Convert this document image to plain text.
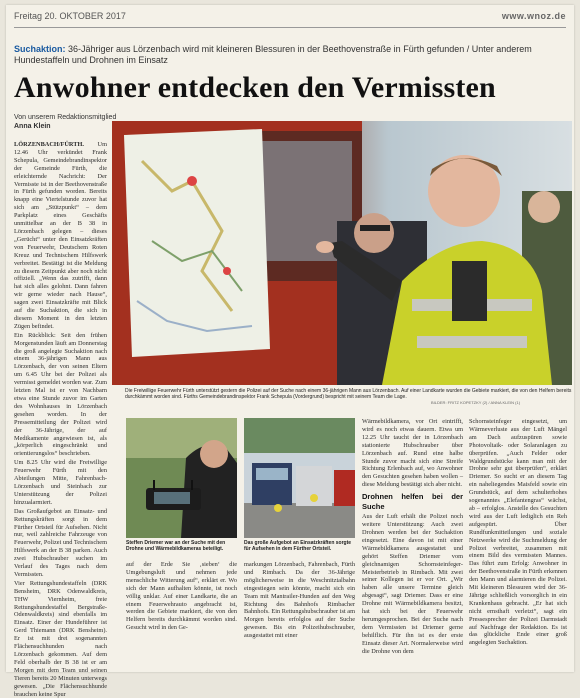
Freitag 20. OKTOBER 2017	www.wnoz.de
Suchaktion: 36-Jähriger aus Lörzenbach wird mit kleineren Blessuren in der Beethovenstraße in Fürth gefunden / Unter anderem Hundestaffeln und Drohnen im Einsatz
Anwohner entdecken den Vermissten
Von unserem Redaktionsmitglied
Anna Klein

LÖRZENBACH/FÜRTH. Um 12.46 Uhr verkündet Frank Schepula, Gemeindebrandinspektor der Gemeinde Fürth, die erleichternde Nachricht: Der Vermisste ist in der Beethovenstraße in Fürth gefunden worden. Bereits knapp eine Viertelstunde zuvor hat sich am „Stützpunkt“ – dem Parkplatz eines Geschäfts unmittelbar an der B 38 in Lörzenbach gelegen – dieses „Gerücht“ unter den Einsatzkräften von Feuerwehr, Deutschem Roten Kreuz und Technischem Hilfswerk verbreitet. Bestätigt ist die Meldung zu diesem Zeitpunkt aber noch nicht offiziell. „Wenn das zutrifft, dann hat sich alles gelohnt. Dann fahren wir gerne wieder nach Hause“, sagen zwei Einsatzkräfte mit Blick auf die Suchaktion, die sich in diesem Moment in den letzten Zügen befindet.

Ein Rückblick: Seit den frühen Morgenstunden läuft am Donnerstag die groß angelegte Suchaktion nach einem 36-jährigen Mann aus Lörzenbach, der von seinen Eltern um 6.45 Uhr bei der Polizei als vermisst gemeldet worden war. Zum letzten Mal ist er von Nachbarn etwa eine Stunde zuvor im Garten des Wohnhauses in Lörzenbach gesehen worden. In der Pressemitteilung der Polizei wird der 36-Jährige, der auf Medikamente angewiesen ist, als „körperlich eingeschränkt und orientierungslos“ beschrieben.

Um 8.25 Uhr wird die Freiwillige Feuerwehr Fürth mit den Abteilungen Mitte, Fahrenbach-Lörzenbach und Steinbach zur Unterstützung der Polizei hinzualarmiert.

Das Großaufgebot an Einsatz- und Rettungskräften sorgt in dem Fürther Ortsteil für Aufsehen. Nicht nur, weil zahlreiche Fahrzeuge von Feuerwehr, Polizei und Technischem Hilfswerk an der B 38 parken. Auch zwei Hubschrauber suchen im Verlauf des Tages nach dem Vermissten.

Vier Rettungshundestaffeln (DRK Bensheim, DRK Odenwaldkreis, THW Viernheim, freie Rettungshundestaffel Bergstraße-Odenwaldkreis) sind ebenfalls im Einsatz. Einer der Hundeführer ist Gerd Thiemann (DRK Bensheim). Er ist mit drei sogenannten Flächensuchhunden nach Lörzenbach gekommen. Auf dem Feld oberhalb der B 38 ist er am Morgen mit dem Team und seinen Tieren bereits 20 Minuten unterwegs gewesen. „Die Flächensuchhunde brauchen keine Spur

Die Freiwillige Feuerwehr Fürth unterstützt gestern die Polizei auf der Suche nach einem 36-jährigen Mann aus Lörzenbach. Auf einer Landkarte wurden die Gebiete markiert, die von den Helfern bereits durchkämmt worden sind. Fürths Gemeindebrandinspektor Frank Schepula (Vordergrund) bespricht mit seinem Team die Lage.
BILDER: FRITZ KOPETZKY (2) / ANNA KLEIN (1)
Steffen Driemer war an der Suche mit den Drohne und Wärmebildkameras beteiligt.
Das große Aufgebot an Einsatzkräften sorgte für Aufsehen in dem Fürther Ortsteil.
auf der Erde Sie ‚sieben‘ die Umgebungsluft und nehmen jede menschliche Witterung auf“, erklärt er. Wo sich der Mann aufhalten könnte, ist noch völlig unklar. Auf einer Landkarte, die an einem Feuerwehrauto angebracht ist, werden die Gebiete markiert, die von den Helfern bereits durchkämmt worden sind. Gesucht wird in den Ge-
markungen Lörzenbach, Fahrenbach, Fürth und Rimbach. Da der 36-Jährige möglicherweise in die Weschnitztalbahn eingestiegen sein könnte, macht sich ein Team mit Mantrailer-Hunden auf den Weg Richtung des Bahnhofs Rimbacher Bahnhofs. Ein Rettungshubschrauber ist am Morgen bereits erfolglos auf der Suche gewesen. Bis ein Polizeihubschrauber, ausgestattet mit einer

Wärmebildkamera, vor Ort eintrifft, wird es noch etwas dauern. Etwa um 12.25 Uhr taucht der in Lörzenbach stationierte Hubschrauber über Lörzenbach auf. Rund eine halbe Stunde zuvor macht sich eine Streife Richtung Erlenbach auf, wo Anwohner den Gesuchten gesehen haben wollen – diese Meldung bestätigt sich aber nicht.

Drohnen helfen bei der Suche

Aus der Luft erhält die Polizei noch weitere Unterstützung: Auch zwei Drohnen werden bei der Suchaktion eingesetzt. Eine davon ist mit einer Wärmebildkamera ausgestattet und gehört Steffen Driemer vom gleichnamigen Schornsteinfeger-Meisterbetrieb in Rimbach. Mit zwei seiner Kollegen ist er vor Ort. „Wir haben alle unsere Termine gleich abgesagt“, sagt Driemer. Dass er eine Drohne mit Wärmebildkamera besitzt, hat sich bei der Feuerwehr herumgesprochen. Bei der Suche nach dem Vermissten ist Driemer gerne behilflich. Für ihn ist es der erste Einsatz dieser Art. Normalerweise wird die Drohne von dem

Schornsteinfeger eingesetzt, um Wärmeverluste aus der Luft Mängel am Dach aufzuspüren sowie Photovoltaik- oder Solaranlagen zu überprüfen. „Auch Felder oder Waldgrundstücke kann man mit der Drohne sehr gut überprüfen“, erklärt Driemer. So sucht er an diesem Tag ein naheliegendes Maisfeld sowie ein Grundstück, auf dem schulterhohes sogenanntes „Elefantengras“ wächst, ab – erfolglos. Anstelle des Gesuchten wird aus der Luft lediglich ein Reh aufgespürt. Über Rundfunkmitteilungen und soziale Netzwerke wird die Suchmeldung der Polizei verbreitet, zusammen mit einem Bild des vermissten Mannes. Das führt zum Erfolg: Anwohner in der Beethovenstraße in Fürth erkennen den Mann und alarmieren die Polizei. Mit kleineren Blessuren wird der 36-Jährige schließlich vorsorglich in ein Krankenhaus gebracht. „Er hat sich nicht ernsthaft verletzt“, sagt ein Pressesprecher der Polizei Darmstadt auf Nachfrage der Redaktion. Es ist das glückliche Ende einer groß angelegten Suchaktion.
